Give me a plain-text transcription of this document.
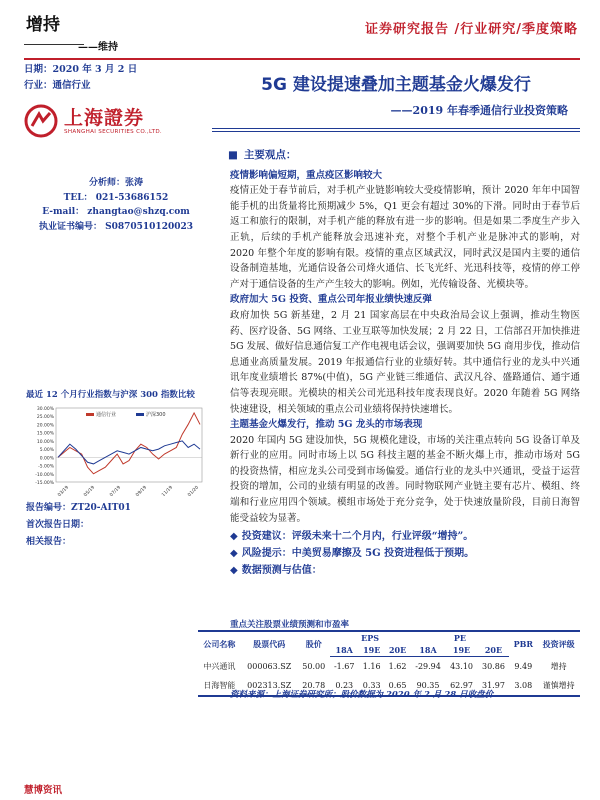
增持
——维持
证券研究报告 /行业研究/季度策略
日期：2020 年 3 月 2 日
行业：通信行业
上海證券
SHANGHAI SECURITIES CO.,LTD.
分析师：张涛
TEL： 021-53686152
E-mail： zhangtao@shzq.com
执业证书编号： S0870510120023
最近 12 个月行业指数与沪深 300 指数比较
30.00%
25.00%
20.00%
15.00%
10.00%
5.00%
0.00%
-5.00%
-10.00%
-15.00%
03/19	05/19	07/19	09/19	11/19	01/20
通信行业	沪深300
报告编号：ZT20-AIT01
首次报告日期：
相关报告：
5G 建设提速叠加主题基金火爆发行
——2019 年春季通信行业投资策略
■ 主要观点：
疫情影响偏短期，重点疫区影响较大

疫情正处于春节前后，对手机产业链影响较大受疫情影响，预计 2020 年年中国智能手机的出货量将比预期减少 5%，Q1 更会有超过 30%的下滑。同时由于春节后返工和旅行的限制，对手机产能的释放有进一步的影响。但是如果二季度生产步入正轨，后续的手机产能释放会迅速补充，对整个手机产业是脉冲式的影响，对 2020 年整个年度的影响有限。疫情的重点区域武汉，同时武汉是国内主要的通信设备制造基地，光通信设备公司烽火通信、长飞光纤、光迅科技等，疫情的停工停产对于通信设备的生产产生较大的影响。例如，光传输设备、光模块等。

政府加大 5G 投资、重点公司年报业绩快速反弹

政府加快 5G 新基建，2 月 21 国家高层在中央政治局会议上强调，推动生物医药、医疗设备、5G 网络、工业互联等加快发展；2 月 22 日，工信部召开加快推进 5G 发展、做好信息通信复工产作电视电话会议，强调要加快 5G 商用步伐，推动信息通业高质量发展。2019 年报通信行业的业绩好转。其中通信行业的龙头中兴通讯年度业绩增长 87%(中值)，5G 产业链三维通信、武汉凡谷、盛路通信、通宇通信等表现亮眼。光模块的相关公司光迅科技年度表现良好。2020 年随着 5G 网络快速建设，相关领域的重点公司业绩将保持快速增长。

主题基金火爆发行，推动 5G 龙头的市场表现

2020 年国内 5G 建设加快，5G 规模化建设，市场的关注重点转向 5G 设备订单及新行业的应用。同时市场上以 5G 科技主题的基金不断火爆上市，推动市场对 5G 的投资热情，相应龙头公司受到市场偏爱。通信行业的龙头中兴通讯，受益于运营投资的增加，公司的业绩有明显的改善。同时物联网产业链主要有芯片、模组、终端和行业应用四个领域。模组市场处于充分竞争，处于快速放量阶段，目前日海智能受益较为显著。

◆ 投资建议：评级未来十二个月内，行业评级“增持”。
◆ 风险提示：中美贸易摩擦及 5G 投资进程低于预期。
◆ 数据预测与估值：
重点关注股票业绩预测和市盈率
公司名称	股票代码	股价	EPS			PE			PBR	投资评级
			18A	19E	20E	18A	19E	20E		
中兴通讯	000063.SZ	50.00	-1.67	1.16	1.62	-29.94	43.10	30.86	9.49	增持
日海智能	002313.SZ	20.78	0.23	0.33	0.65	90.35	62.97	31.97	3.08	谨慎增持
资料来源：上海证券研究所；股价数据为 2020 年 2 月 28 日收盘价
慧博资讯
